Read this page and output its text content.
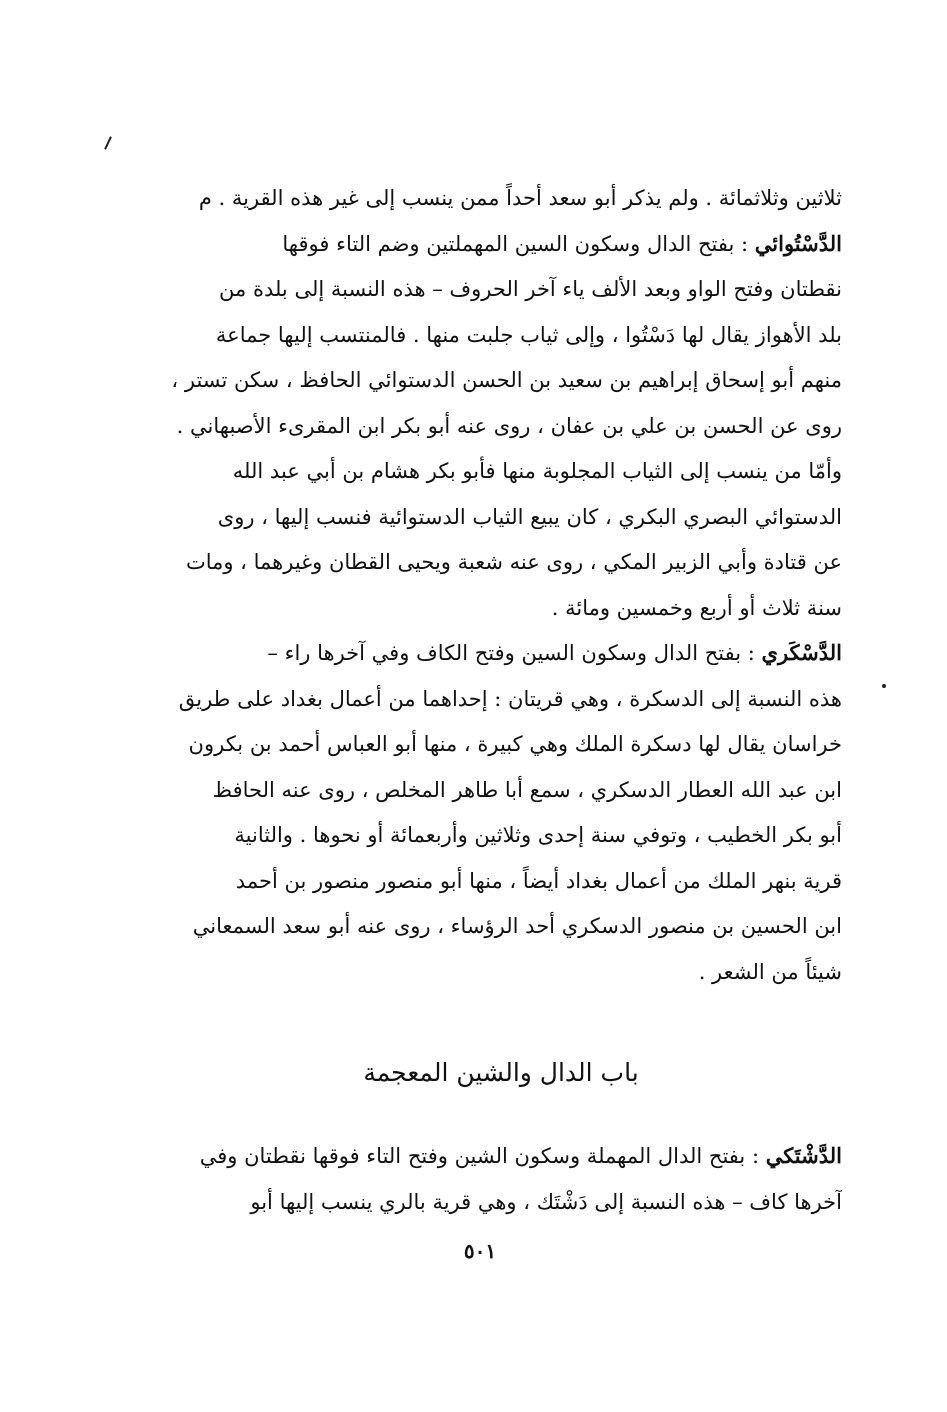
ثلاثين وثلاثمائة . ولم يذكر أبو سعد أحداً ممن ينسب إلى غير هذه القرية . م
الدَّسْتُوائي : بفتح الدال وسكون السين المهملتين وضم التاء فوقها
نقطتان وفتح الواو وبعد الألف ياء آخر الحروف – هذه النسبة إلى بلدة من
بلد الأهواز يقال لها دَسْتُوا ، وإلى ثياب جلبت منها . فالمنتسب إليها جماعة
منهم أبو إسحاق إبراهيم بن سعيد بن الحسن الدستوائي الحافظ ، سكن تستر ،
روى عن الحسن بن علي بن عفان ، روى عنه أبو بكر ابن المقرىء الأصبهاني .
وأمّا من ينسب إلى الثياب المجلوبة منها فأبو بكر هشام بن أبي عبد الله
الدستوائي البصري البكري ، كان يبيع الثياب الدستوائية فنسب إليها ، روى
عن قتادة وأبي الزبير المكي ، روى عنه شعبة ويحيى القطان وغيرهما ، ومات
سنة ثلاث أو أربع وخمسين ومائة .
الدَّسْكَري : بفتح الدال وسكون السين وفتح الكاف وفي آخرها راء –
هذه النسبة إلى الدسكرة ، وهي قريتان : إحداهما من أعمال بغداد على طريق
خراسان يقال لها دسكرة الملك وهي كبيرة ، منها أبو العباس أحمد بن بكرون
ابن عبد الله العطار الدسكري ، سمع أبا طاهر المخلص ، روى عنه الحافظ
أبو بكر الخطيب ، وتوفي سنة إحدى وثلاثين وأربعمائة أو نحوها . والثانية
قرية بنهر الملك من أعمال بغداد أيضاً ، منها أبو منصور منصور بن أحمد
ابن الحسين بن منصور الدسكري أحد الرؤساء ، روى عنه أبو سعد السمعاني
شيئاً من الشعر .
باب الدال والشين المعجمة
الدَّشْتَكي : بفتح الدال المهملة وسكون الشين وفتح التاء فوقها نقطتان وفي
آخرها كاف – هذه النسبة إلى دَشْتَك ، وهي قرية بالري ينسب إليها أبو
٥٠١
